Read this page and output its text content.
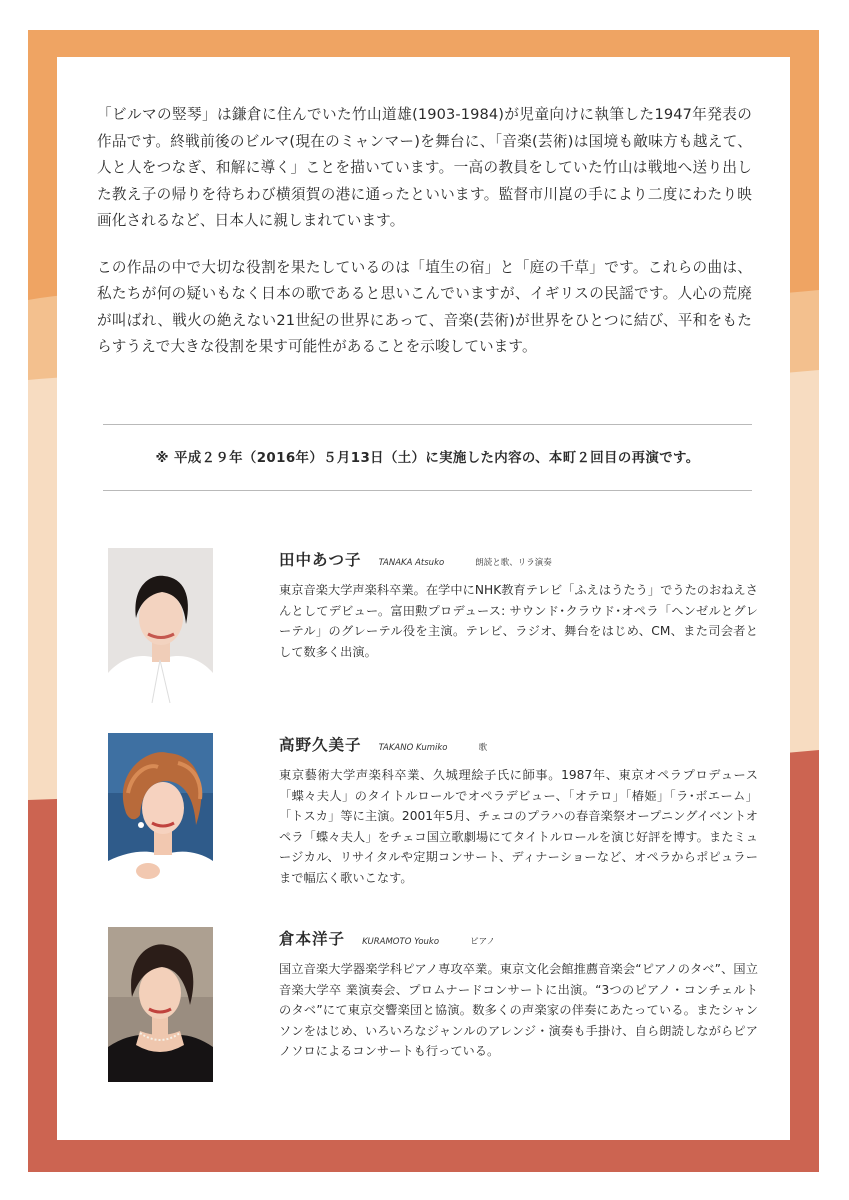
「ビルマの竪琴」は鎌倉に住んでいた竹山道雄(1903-1984)が児童向けに執筆した1947年発表の作品です。終戦前後のビルマ(現在のミャンマー)を舞台に、「音楽(芸術)は国境も敵味方も越えて、人と人をつなぎ、和解に導く」ことを描いています。一高の教員をしていた竹山は戦地へ送り出した教え子の帰りを待ちわび横須賀の港に通ったといいます。監督市川崑の手により二度にわたり映画化されるなど、日本人に親しまれています。

この作品の中で大切な役割を果たしているのは「埴生の宿」と「庭の千草」です。これらの曲は、私たちが何の疑いもなく日本の歌であると思いこんでいますが、イギリスの民謡です。人心の荒廃が叫ばれ、戦火の絶えない21世紀の世界にあって、音楽(芸術)が世界をひとつに結び、平和をもたらすうえで大きな役割を果す可能性があることを示唆しています。

※ 平成２９年（2016年）５月13日（土）に実施した内容の、本町２回目の再演です。
田中あつ子 TANAKA Atsuko	朗読と歌、リラ演奏

東京音楽大学声楽科卒業。在学中にNHK教育テレビ「ふえはうたう」でうたのおねえさんとしてデビュー。富田勲プロデュース: サウンド･クラウド･オペラ「ヘンゼルとグレーテル」のグレーテル役を主演。テレビ、ラジオ、舞台をはじめ、CM、また司会者として数多く出演。

高野久美子 TAKANO Kumiko	歌

東京藝術大学声楽科卒業、久城理絵子氏に師事。1987年、東京オペラプロデュース「蝶々夫人」のタイトルロールでオペラデビュー、「オテロ」「椿姫」「ラ･ボエーム」「トスカ」等に主演。2001年5月、チェコのプラハの春音楽祭オープニングイベントオペラ「蝶々夫人」をチェコ国立歌劇場にてタイトルロールを演じ好評を博す。またミュージカル、リサイタルや定期コンサート、ディナーショーなど、オペラからポピュラーまで幅広く歌いこなす。

倉本洋子 KURAMOTO Youko	ピアノ

国立音楽大学器楽学科ピアノ専攻卒業。東京文化会館推薦音楽会“ピアノのタベ”、国立音楽大学卒 業演奏会、プロムナードコンサートに出演。“3つのピアノ・コンチェルトのタベ”にて東京交響楽団と協演。数多くの声楽家の伴奏にあたっている。またシャンソンをはじめ、いろいろなジャンルのアレンジ・演奏も手掛け、自ら朗読しながらピアノソロによるコンサートも行っている。
